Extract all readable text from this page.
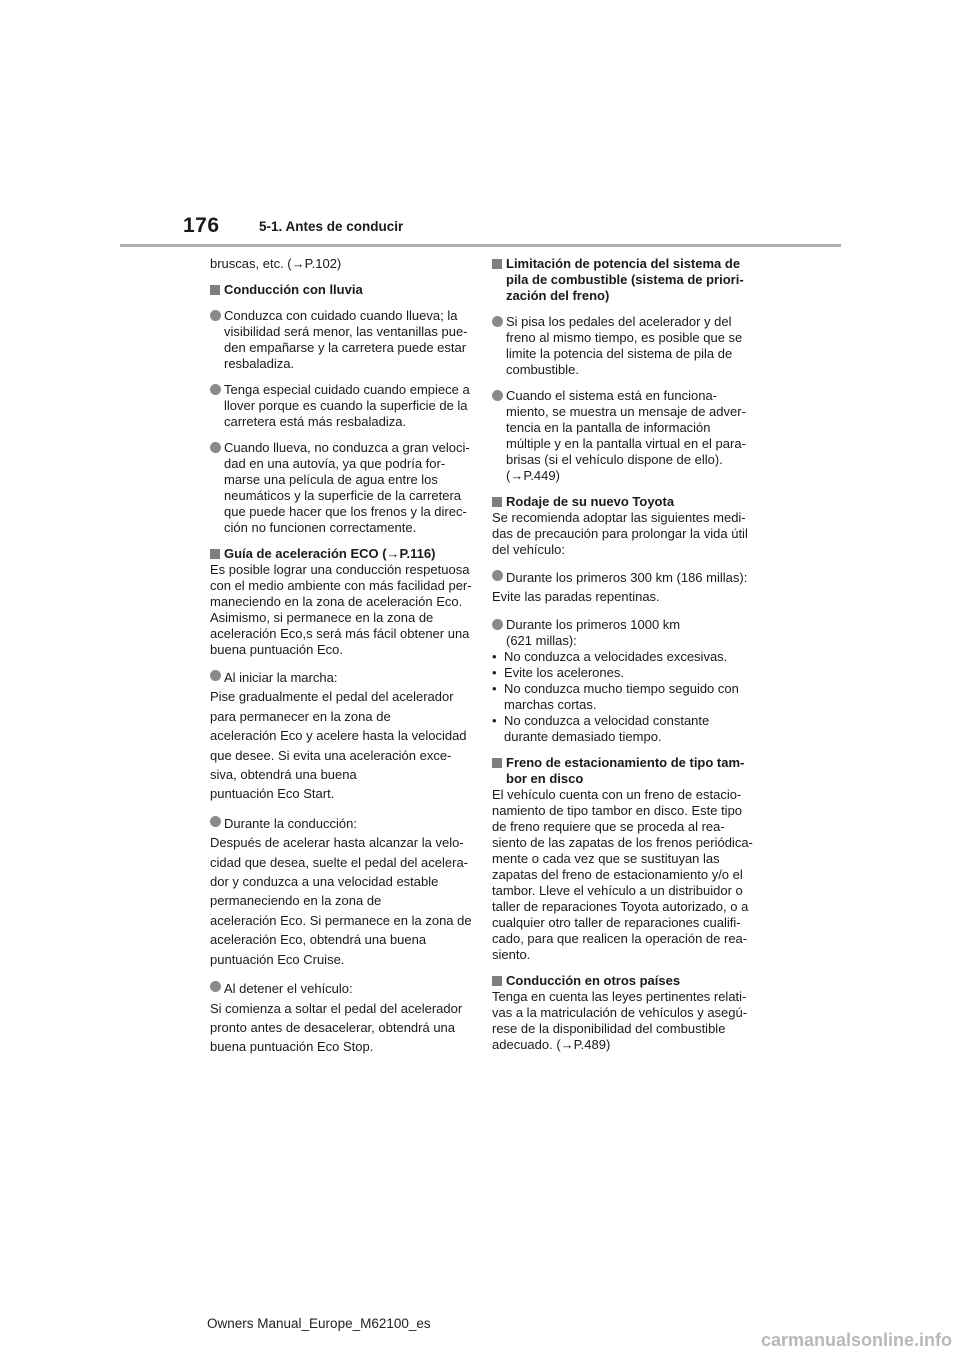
176	5-1. Antes de conducir
bruscas, etc. (→P.102)
Conducción con lluvia
Conduzca con cuidado cuando llueva; la
visibilidad será menor, las ventanillas pue-
den empañarse y la carretera puede estar
resbaladiza.
Tenga especial cuidado cuando empiece a
llover porque es cuando la superficie de la
carretera está más resbaladiza.
Cuando llueva, no conduzca a gran veloci-
dad en una autovía, ya que podría for-
marse una película de agua entre los
neumáticos y la superficie de la carretera
que puede hacer que los frenos y la direc-
ción no funcionen correctamente.
Guía de aceleración ECO (→P.116)
Es posible lograr una conducción respetuosa
con el medio ambiente con más facilidad per-
maneciendo en la zona de aceleración Eco.
Asimismo, si permanece en la zona de
aceleración Eco,s será más fácil obtener una
buena puntuación Eco.
Al iniciar la marcha:
Pise gradualmente el pedal del acelerador
para permanecer en la zona de
aceleración Eco y acelere hasta la velocidad
que desee. Si evita una aceleración exce-
siva, obtendrá una buena
puntuación Eco Start.
Durante la conducción:
Después de acelerar hasta alcanzar la velo-
cidad que desea, suelte el pedal del acelera-
dor y conduzca a una velocidad estable
permaneciendo en la zona de
aceleración Eco. Si permanece en la zona de
aceleración Eco, obtendrá una buena
puntuación Eco Cruise.
Al detener el vehículo:
Si comienza a soltar el pedal del acelerador
pronto antes de desacelerar, obtendrá una
buena puntuación Eco Stop.
Limitación de potencia del sistema de
pila de combustible (sistema de priori-
zación del freno)
Si pisa los pedales del acelerador y del
freno al mismo tiempo, es posible que se
limite la potencia del sistema de pila de
combustible.
Cuando el sistema está en funciona-
miento, se muestra un mensaje de adver-
tencia en la pantalla de información
múltiple y en la pantalla virtual en el para-
brisas (si el vehículo dispone de ello).
(→P.449)
Rodaje de su nuevo Toyota
Se recomienda adoptar las siguientes medi-
das de precaución para prolongar la vida útil
del vehículo:
Durante los primeros 300 km (186 millas):
Evite las paradas repentinas.
Durante los primeros 1000 km
(621 millas):
• No conduzca a velocidades excesivas.
• Evite los acelerones.
• No conduzca mucho tiempo seguido con
marchas cortas.
• No conduzca a velocidad constante
durante demasiado tiempo.
Freno de estacionamiento de tipo tam-
bor en disco
El vehículo cuenta con un freno de estacio-
namiento de tipo tambor en disco. Este tipo
de freno requiere que se proceda al rea-
siento de las zapatas de los frenos periódica-
mente o cada vez que se sustituyan las
zapatas del freno de estacionamiento y/o el
tambor. Lleve el vehículo a un distribuidor o
taller de reparaciones Toyota autorizado, o a
cualquier otro taller de reparaciones cualifi-
cado, para que realicen la operación de rea-
siento.
Conducción en otros países
Tenga en cuenta las leyes pertinentes relati-
vas a la matriculación de vehículos y asegú-
rese de la disponibilidad del combustible
adecuado. (→P.489)
Owners Manual_Europe_M62100_es
carmanualsonline.info
